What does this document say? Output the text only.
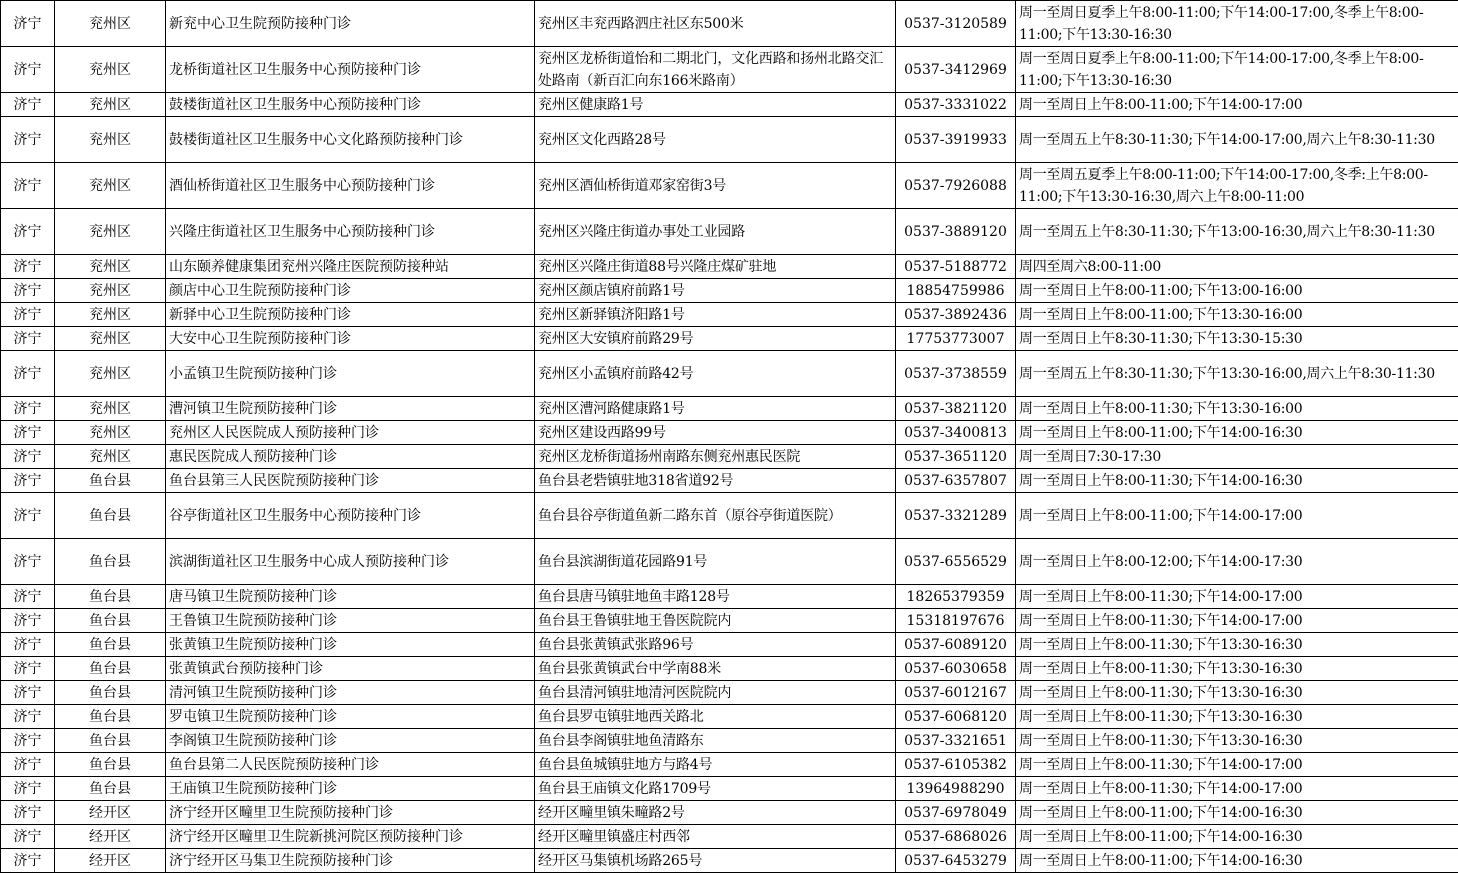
济宁	兖州区	新兖中心卫生院预防接种门诊	兖州区丰兖西路泗庄社区东500米	0537-3120589	周一至周日夏季上午8:00-11:00;下午14:00-17:00,冬季上午8:00-11:00;下午13:30-16:30
济宁	兖州区	龙桥街道社区卫生服务中心预防接种门诊	兖州区龙桥街道怡和二期北门，文化西路和扬州北路交汇处路南（新百汇向东166米路南）	0537-3412969	周一至周日夏季上午8:00-11:00;下午14:00-17:00,冬季上午8:00-11:00;下午13:30-16:30
济宁	兖州区	鼓楼街道社区卫生服务中心预防接种门诊	兖州区健康路1号	0537-3331022	周一至周日上午8:00-11:00;下午14:00-17:00
济宁	兖州区	鼓楼街道社区卫生服务中心文化路预防接种门诊	兖州区文化西路28号	0537-3919933	周一至周五上午8:30-11:30;下午14:00-17:00,周六上午8:30-11:30
济宁	兖州区	酒仙桥街道社区卫生服务中心预防接种门诊	兖州区酒仙桥街道邓家窑街3号	0537-7926088	周一至周五夏季上午8:00-11:00;下午14:00-17:00,冬季:上午8:00-11:00;下午13:30-16:30,周六上午8:00-11:00
济宁	兖州区	兴隆庄街道社区卫生服务中心预防接种门诊	兖州区兴隆庄街道办事处工业园路	0537-3889120	周一至周五上午8:30-11:30;下午13:00-16:30,周六上午8:30-11:30
济宁	兖州区	山东颐养健康集团兖州兴隆庄医院预防接种站	兖州区兴隆庄街道88号兴隆庄煤矿驻地	0537-5188772	周四至周六8:00-11:00
济宁	兖州区	颜店中心卫生院预防接种门诊	兖州区颜店镇府前路1号	18854759986	周一至周日上午8:00-11:00;下午13:00-16:00
济宁	兖州区	新驿中心卫生院预防接种门诊	兖州区新驿镇济阳路1号	0537-3892436	周一至周日上午8:00-11:00;下午13:30-16:00
济宁	兖州区	大安中心卫生院预防接种门诊	兖州区大安镇府前路29号	17753773007	周一至周日上午8:30-11:30;下午13:30-15:30
济宁	兖州区	小孟镇卫生院预防接种门诊	兖州区小孟镇府前路42号	0537-3738559	周一至周五上午8:30-11:30;下午13:30-16:00,周六上午8:30-11:30
济宁	兖州区	漕河镇卫生院预防接种门诊	兖州区漕河路健康路1号	0537-3821120	周一至周日上午8:00-11:30;下午13:30-16:00
济宁	兖州区	兖州区人民医院成人预防接种门诊	兖州区建设西路99号	0537-3400813	周一至周日上午8:00-11:00;下午14:00-16:30
济宁	兖州区	惠民医院成人预防接种门诊	兖州区龙桥街道扬州南路东侧兖州惠民医院	0537-3651120	周一至周日7:30-17:30
济宁	鱼台县	鱼台县第三人民医院预防接种门诊	鱼台县老砦镇驻地318省道92号	0537-6357807	周一至周日上午8:00-11:30;下午14:00-16:30
济宁	鱼台县	谷亭街道社区卫生服务中心预防接种门诊	鱼台县谷亭街道鱼新二路东首（原谷亭街道医院）	0537-3321289	周一至周日上午8:00-11:00;下午14:00-17:00
济宁	鱼台县	滨湖街道社区卫生服务中心成人预防接种门诊	鱼台县滨湖街道花园路91号	0537-6556529	周一至周日上午8:00-12:00;下午14:00-17:30
济宁	鱼台县	唐马镇卫生院预防接种门诊	鱼台县唐马镇驻地鱼丰路128号	18265379359	周一至周日上午8:00-11:30;下午14:00-17:00
济宁	鱼台县	王鲁镇卫生院预防接种门诊	鱼台县王鲁镇驻地王鲁医院院内	15318197676	周一至周日上午8:00-11:30;下午14:00-17:00
济宁	鱼台县	张黄镇卫生院预防接种门诊	鱼台县张黄镇武张路96号	0537-6089120	周一至周日上午8:00-11:30;下午13:30-16:30
济宁	鱼台县	张黄镇武台预防接种门诊	鱼台县张黄镇武台中学南88米	0537-6030658	周一至周日上午8:00-11:30;下午13:30-16:30
济宁	鱼台县	清河镇卫生院预防接种门诊	鱼台县清河镇驻地清河医院院内	0537-6012167	周一至周日上午8:00-11:30;下午13:30-16:30
济宁	鱼台县	罗屯镇卫生院预防接种门诊	鱼台县罗屯镇驻地西关路北	0537-6068120	周一至周日上午8:00-11:30;下午13:30-16:30
济宁	鱼台县	李阁镇卫生院预防接种门诊	鱼台县李阁镇驻地鱼清路东	0537-3321651	周一至周日上午8:00-11:30;下午13:30-16:30
济宁	鱼台县	鱼台县第二人民医院预防接种门诊	鱼台县鱼城镇驻地方与路4号	0537-6105382	周一至周日上午8:00-11:30;下午14:00-17:00
济宁	鱼台县	王庙镇卫生院预防接种门诊	鱼台县王庙镇文化路1709号	13964988290	周一至周日上午8:00-11:30;下午14:00-17:00
济宁	经开区	济宁经开区疃里卫生院预防接种门诊	经开区疃里镇朱疃路2号	0537-6978049	周一至周日上午8:00-11:00;下午14:00-16:30
济宁	经开区	济宁经开区疃里卫生院新挑河院区预防接种门诊	经开区疃里镇盛庄村西邻	0537-6868026	周一至周日上午8:00-11:00;下午14:00-16:30
济宁	经开区	济宁经开区马集卫生院预防接种门诊	经开区马集镇机场路265号	0537-6453279	周一至周日上午8:00-11:00;下午14:00-16:30
